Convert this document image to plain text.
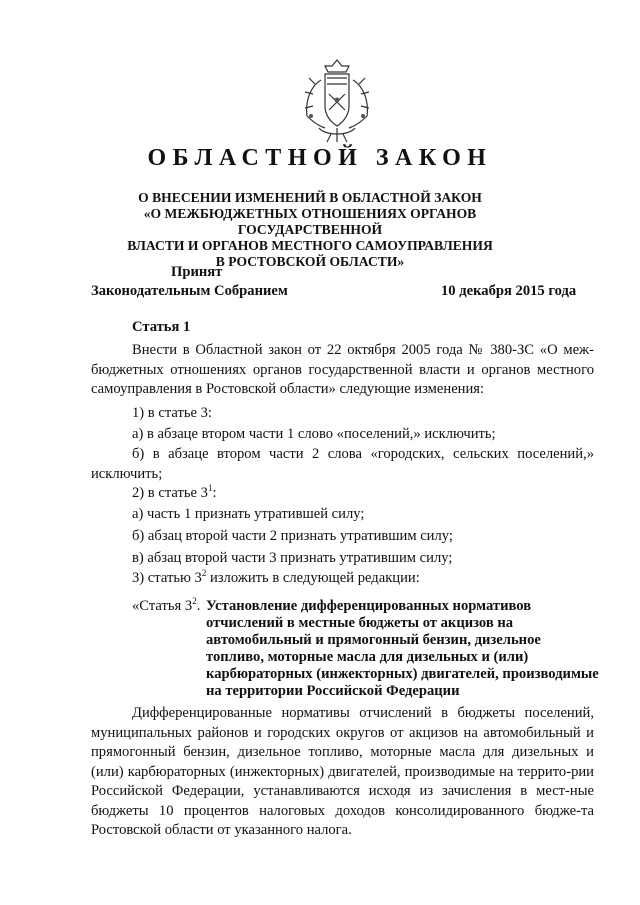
ОБЛАСТНОЙ ЗАКОН
О ВНЕСЕНИИ ИЗМЕНЕНИЙ В ОБЛАСТНОЙ ЗАКОН
«О МЕЖБЮДЖЕТНЫХ ОТНОШЕНИЯХ ОРГАНОВ ГОСУДАРСТВЕННОЙ
ВЛАСТИ И ОРГАНОВ МЕСТНОГО САМОУПРАВЛЕНИЯ
В РОСТОВСКОЙ ОБЛАСТИ»
Принят
Законодательным Собранием	10 декабря 2015 года
Статья 1
Внести в Областной закон от 22 октября 2005 года № 380-ЗС «О меж-бюджетных отношениях органов государственной власти и органов местного самоуправления в Ростовской области» следующие изменения:
1) в статье 3:
а) в абзаце втором части 1 слово «поселений,» исключить;
б) в абзаце втором части 2 слова «городских, сельских поселений,» исключить;
2) в статье $3^1$:
а) часть 1 признать утратившей силу;
б) абзац второй части 2 признать утратившим силу;
в) абзац второй части 3 признать утратившим силу;
3) статью $3^2$ изложить в следующей редакции:
«Статья $3^2$. Установление дифференцированных нормативов отчислений в местные бюджеты от акцизов на автомобильный и прямогонный бензин, дизельное топливо, моторные масла для дизельных и (или) карбюраторных (инжекторных) двигателей, производимые на территории Российской Федерации
Дифференцированные нормативы отчислений в бюджеты поселений, муниципальных районов и городских округов от акцизов на автомобильный и прямогонный бензин, дизельное топливо, моторные масла для дизельных и (или) карбюраторных (инжекторных) двигателей, производимые на террито-рии Российской Федерации, устанавливаются исходя из зачисления в мест-ные бюджеты 10 процентов налоговых доходов консолидированного бюдже-та Ростовской области от указанного налога.
